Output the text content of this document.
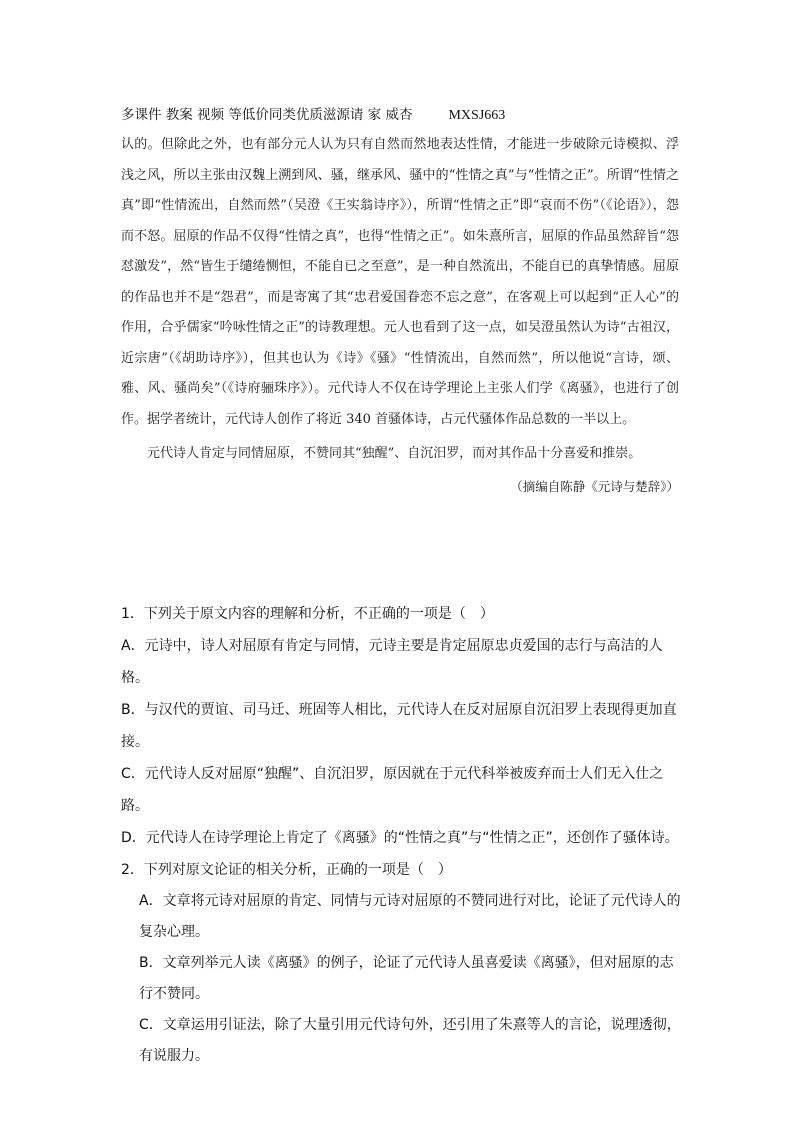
多课件 教案 视频 等低价同类优质滋源请 家 威杏	MXSJ663

认的。但除此之外，也有部分元人认为只有自然而然地表达性情，才能进一步破除元诗模拟、浮浅之风，所以主张由汉魏上溯到风、骚，继承风、骚中的“性情之真”与“性情之正”。所谓“性情之真”即“性情流出，自然而然”（吴澄《王实翁诗序》），所谓“性情之正”即“哀而不伤”（《论语》），怨而不怒。屈原的作品不仅得“性情之真”，也得“性情之正”。如朱熹所言，屈原的作品虽然辞旨“怨怼激发”，然“皆生于缱绻恻怛，不能自已之至意”，是一种自然流出，不能自已的真挚情感。屈原的作品也并不是“怨君”，而是寄寓了其“忠君爱国眷恋不忘之意”，在客观上可以起到“正人心”的作用，合乎儒家“吟咏性情之正”的诗教理想。元人也看到了这一点，如吴澄虽然认为诗“古祖汉，近宗唐”（《胡助诗序》），但其也认为《诗》《骚》“性情流出，自然而然”，所以他说“言诗，颂、雅、风、骚尚矣”（《诗府骊珠序》）。元代诗人不仅在诗学理论上主张人们学《离骚》，也进行了创作。据学者统计，元代诗人创作了将近 340 首骚体诗，占元代骚体作品总数的一半以上。

元代诗人肯定与同情屈原，不赞同其“独醒”、自沉汨罗，而对其作品十分喜爱和推崇。

（摘编自陈静《元诗与楚辞》）

1．下列关于原文内容的理解和分析，不正确的一项是（　）

A．元诗中，诗人对屈原有肯定与同情，元诗主要是肯定屈原忠贞爱国的志行与高洁的人格。

B．与汉代的贾谊、司马迁、班固等人相比，元代诗人在反对屈原自沉汨罗上表现得更加直接。

C．元代诗人反对屈原“独醒”、自沉汨罗，原因就在于元代科举被废弃而士人们无入仕之路。

D．元代诗人在诗学理论上肯定了《离骚》的“性情之真”与“性情之正”，还创作了骚体诗。

2．下列对原文论证的相关分析，正确的一项是（　）

A．文章将元诗对屈原的肯定、同情与元诗对屈原的不赞同进行对比，论证了元代诗人的复杂心理。

B．文章列举元人读《离骚》的例子，论证了元代诗人虽喜爱读《离骚》，但对屈原的志行不赞同。

C．文章运用引证法，除了大量引用元代诗句外，还引用了朱熹等人的言论，说理透彻，有说服力。
